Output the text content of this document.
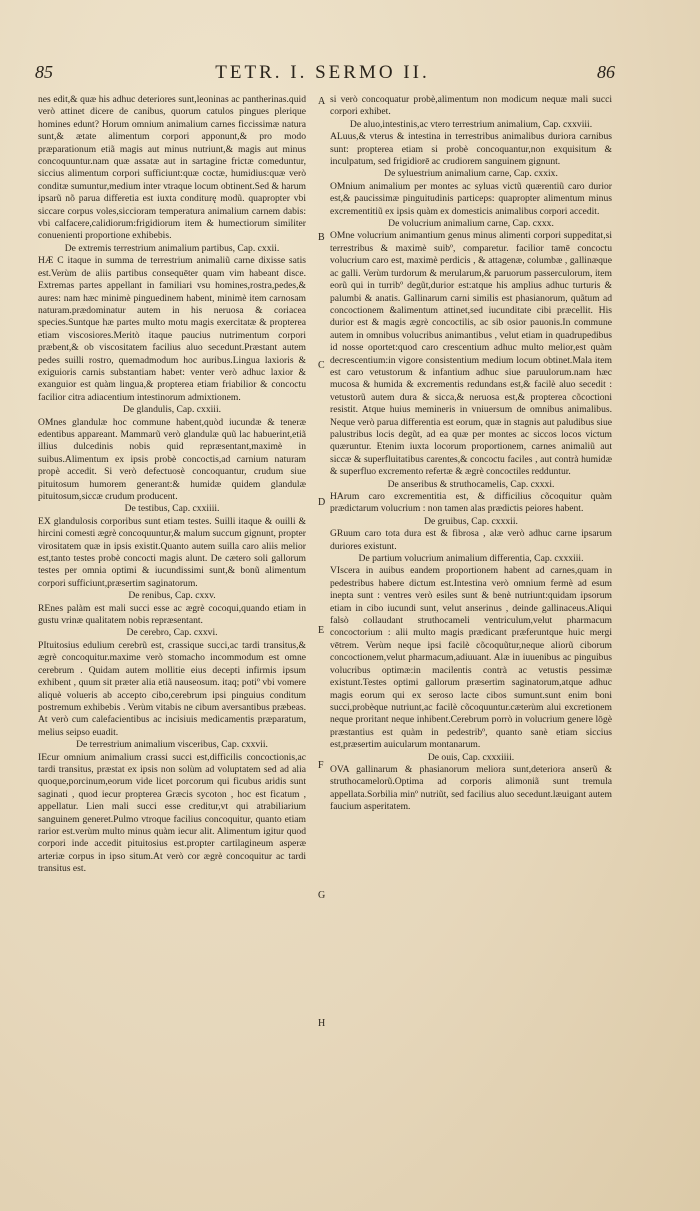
85	TETR. I. SERMO II.	86
A
B
C
D
E
F
G
H

nes edit,& quæ his adhuc deteriores sunt,leoninas ac pantherinas.quid verò attinet dicere de canibus, quorum catulos pingues plerique homines edunt? Horum omnium animalium carnes ficcissimæ natura sunt,& ætate alimentum corpori apponunt,& pro modo præparationum etiã magis aut minus nutriunt,& magis aut minus concoquuntur.nam quæ assatæ aut in sartagine frictæ comeduntur, siccius alimentum corpori sufficiunt:quæ coctæ, humidius:quæ verò conditæ sumuntur,medium inter vtraque locum obtinent.Sed & harum ipsarũ nõ parua differetia est iuxta conditurę modũ. quapropter vbi siccare corpus voles,siccioram temperatura animalium carnem dabis: vbi calfacere,calidiorum:frigidiorum item & humectiorum similiter conuenienti proportione exhibebis.

De extremis terrestrium animalium partibus, Cap. cxxii.

HÆ C itaque in summa de terrestrium animaliũ carne dixisse satis est.Verùm de aliis partibus consequēter quam vim habeant disce. Extremas partes appellant in familiari vsu homines,rostra,pedes,& aures: nam hæc minimè pinguedinem habent, minimè item carnosam naturam.prædominatur autem in his neruosa & coriacea species.Suntque hæ partes multo motu magis exercitatæ & propterea etiam viscosiores.Meritò itaque paucius nutrimentum corpori præbent,& ob viscositatem facilius aluo secedunt.Præstant autem pedes suilli rostro, quemadmodum hoc auribus.Lingua laxioris & exiguioris carnis substantiam habet: venter verò adhuc laxior & exanguior est quàm lingua,& propterea etiam friabilior & concoctu facilior citra adiacentium intestinorum admixtionem.

De glandulis, Cap. cxxiii.

OMnes glandulæ hoc commune habent,quòd iucundæ & teneræ edentibus appareant. Mammarũ verò glandulæ quũ lac habuerint,etiã illius dulcedinis nobis quid repræsentant,maximè in suibus.Alimentum ex ipsis probè concoctis,ad carnium naturam propè accedit. Si verò defectuosè concoquantur, crudum siue pituitosum humorem generant:& humidæ quidem glandulæ pituitosum,siccæ crudum producent.

De testibus, Cap. cxxiiii.

EX glandulosis corporibus sunt etiam testes. Suilli itaque & ouilli & hircini comesti ægrè concoquuntur,& malum succum gignunt, propter virositatem quæ in ipsis existit.Quanto autem suilla caro aliis melior est,tanto testes probè concocti magis alunt. De cætero soli gallorum testes per omnia optimi & iucundissimi sunt,& bonũ alimentum corpori sufficiunt,præsertim saginatorum.

De renibus, Cap. cxxv.

REnes palàm est mali succi esse ac ægrè cocoqui,quando etiam in gustu vrinæ qualitatem nobis repræsentant.

De cerebro, Cap. cxxvi.

PItuitosius edulium cerebrũ est, crassique succi,ac tardi transitus,& ægrè concoquitur.maxime verò stomacho incommodum est omne cerebrum . Quidam autem mollitie eius decepti infirmis ipsum exhibent , quum sit præter alia etiã nauseosum. itaq; potiº vbi vomere aliquè volueris ab accepto cibo,cerebrum ipsi pinguius conditum postremum exhibebis . Verùm vitabis ne cibum aversantibus præbeas. At verò cum calefacientibus ac incisiuis medicamentis præparatum, melius seipso euadit.

De terrestrium animalium visceribus, Cap. cxxvii.

IEcur omnium animalium crassi succi est,difficilis concoctionis,ac tardi transitus, præstat ex ipsis non solùm ad voluptatem sed ad alia quoque,porcinum,eorum vide licet porcorum qui ficubus aridis sunt saginati , quod iecur propterea Græcis sycoton , hoc est ficatum , appellatur. Lien mali succi esse creditur,vt qui atrabiliarium sanguinem generet.Pulmo vtroque facilius concoquitur, quanto etiam rarior est.verùm multo minus quàm iecur alit. Alimentum igitur quod corpori inde accedit pituitosius est.propter cartilagineum asperæ arteriæ corpus in ipso situm.At verò cor ægrè concoquitur ac tardi transitus est.

si verò concoquatur probè,alimentum non modicum nequæ mali succi corpori exhibet.

De aluo,intestinis,ac vtero terrestrium animalium, Cap. cxxviii.

ALuus,& vterus & intestina in terrestribus animalibus duriora carnibus sunt: propterea etiam si probè concoquantur,non exquisitum & inculpatum, sed frigidiorē ac crudiorem sanguinem gignunt.

De syluestrium animalium carne, Cap. cxxix.

OMnium animalium per montes ac syluas victũ quærentiũ caro durior est,& paucissimæ pinguitudinis particeps: quapropter alimentum minus excrementitiũ ex ipsis quàm ex domesticis animalibus corpori accedit.

De volucrium animalium carne, Cap. cxxx.

OMne volucrium animantium genus minus alimenti corpori suppeditat,si terrestribus & maximè suibº, comparetur. facilior tamē concoctu volucrium caro est, maximè perdicis , & attagenæ, columbæ , gallinæque ac galli. Verùm turdorum & merularum,& paruorum passerculorum, item eorũ qui in turribº degũt,durior est:atque his amplius adhuc turturis & palumbi & anatis. Gallinarum carni similis est phasianorum, quãtum ad concoctionem &alimentum attinet,sed iucunditate cibi præcellit. His durior est & magis ægrè concoctilis, ac sib osior pauonis.In commune autem in omnibus volucribus animantibus , velut etiam in quadrupedibus id nosse oportet:quod caro crescentium adhuc multo melior,est quàm decrescentium:in vigore consistentium medium locum obtinet.Mala item est caro vetustorum & infantium adhuc siue paruulorum.nam hæc mucosa & humida & excrementis redundans est,& facilè aluo secedit : vetustorũ autem dura & sicca,& neruosa est,& propterea cõcoctioni resistit. Atque huius memineris in vniuersum de omnibus animalibus. Neque verò parua differentia est eorum, quæ in stagnis aut paludibus siue palustribus locis degũt, ad ea quæ per montes ac siccos locos victum quæruntur. Etenim iuxta locorum proportionem, carnes animaliũ aut siccæ & superfluitatibus carentes,& concoctu faciles , aut contrà humidæ & superfluo excremento refertæ & ægrè concoctiles redduntur.

De anseribus & struthocamelis, Cap. cxxxi.

HArum caro excrementitia est, & difficilius cõcoquitur quàm prædictarum volucrium : non tamen alas prædictis peiores habent.

De gruibus, Cap. cxxxii.

GRuum caro tota dura est & fibrosa , alæ verò adhuc carne ipsarum duriores existunt.

De partium volucrium animalium differentia, Cap. cxxxiii.

VIscera in auibus eandem proportionem habent ad carnes,quam in pedestribus habere dictum est.Intestina verò omnium fermè ad esum inepta sunt : ventres verò esiles sunt & benè nutriunt:quidam ipsorum etiam in cibo iucundi sunt, velut anserinus , deinde gallinaceus.Aliqui falsò collaudant struthocameli ventriculum,velut pharmacum concoctorium : alii multo magis prædicant præferuntque huic mergi vētrem. Verùm neque ipsi facilè cõcoquũtur,neque aliorũ ciborum concoctionem,velut pharmacum,adiuuant. Alæ in iuuenibus ac pinguibus volucribus optimæ:in macilentis contrà ac vetustis pessimæ existunt.Testes optimi gallorum præsertim saginatorum,atque adhuc magis eorum qui ex seroso lacte cibos sumunt.sunt enim boni succi,probèque nutriunt,ac facilè cõcoquuntur.cæterùm alui excretionem neque proritant neque inhibent.Cerebrum porrò in volucrium genere lōgè præstantius est quàm in pedestribº, quanto sanè etiam siccius est,præsertim auicularum montanarum.

De ouis, Cap. cxxxiiii.

OVA gallinarum & phasianorum meliora sunt,deteriora anserũ & struthocamelorũ.Optima ad corporis alimoniã sunt tremula appellata.Sorbilia minº nutriũt, sed facilius aluo secedunt.læuigant autem faucium asperitatem.
